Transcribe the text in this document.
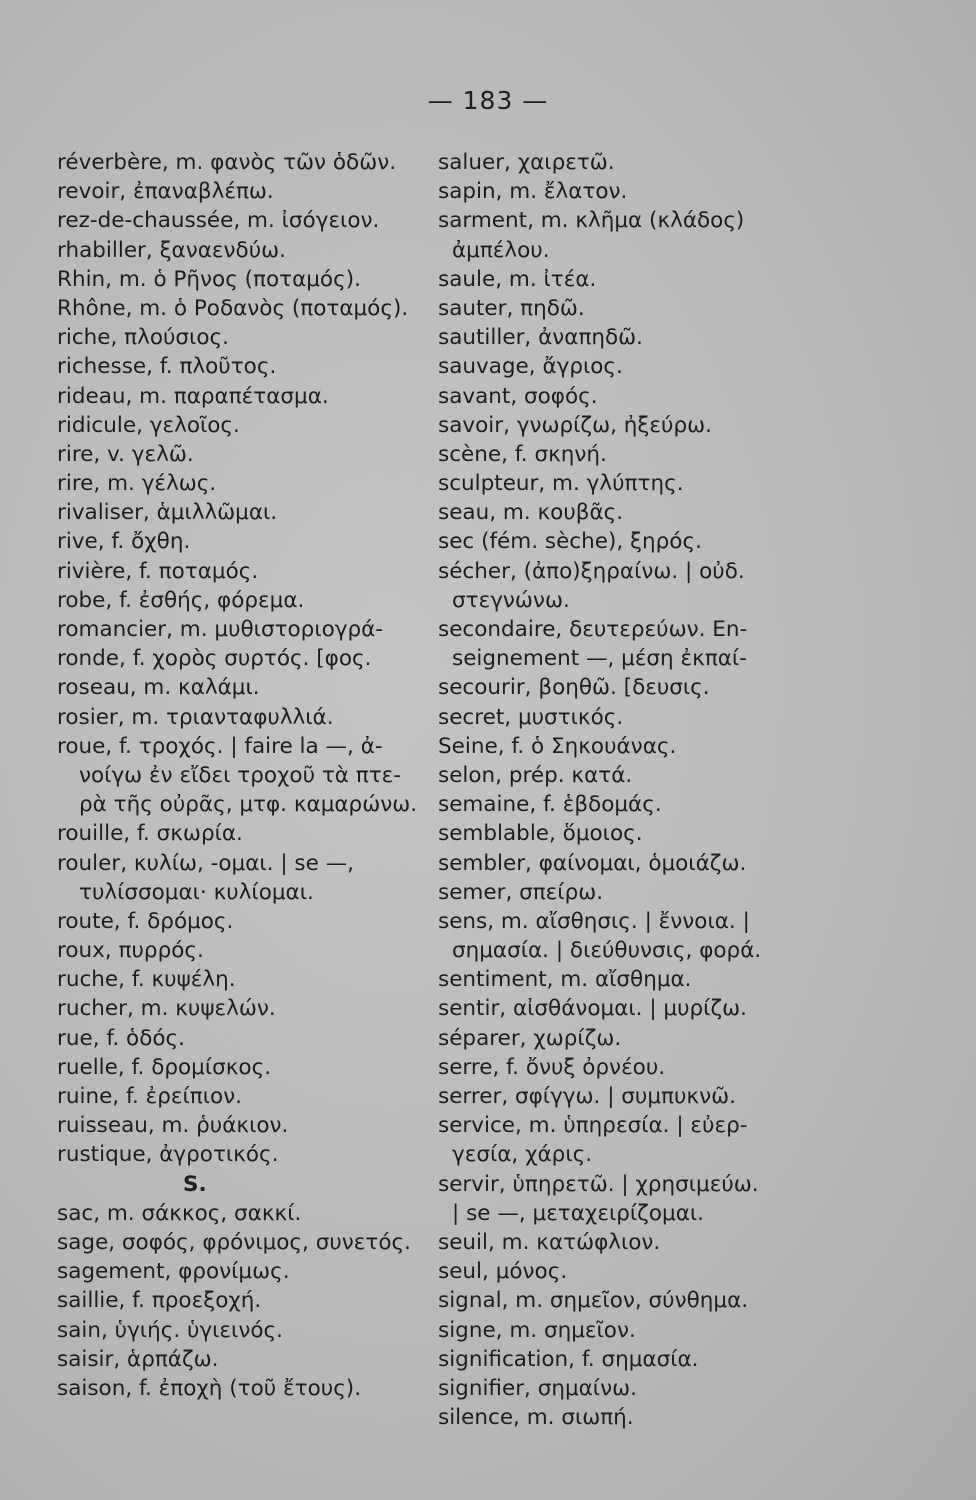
— 183 —
réverbère, m. φανὸς τῶν ὁδῶν.
revoir, ἐπαναβλέπω.
rez-de-chaussée, m. ἰσόγειον.
rhabiller, ξαναενδύω.
Rhin, m. ὁ Ρῆνος (ποταμός).
Rhône, m. ὁ Ροδανὸς (ποταμός).
riche, πλούσιος.
richesse, f. πλοῦτος.
rideau, m. παραπέτασμα.
ridicule, γελοῖος.
rire, v. γελῶ.
rire, m. γέλως.
rivaliser, ἁμιλλῶμαι.
rive, f. ὄχθη.
rivière, f. ποταμός.
robe, f. ἐσθής, φόρεμα.
romancier, m. μυθιστοριογρά-
ronde, f. χορὸς συρτός. [φος.
roseau, m. καλάμι.
rosier, m. τριανταφυλλιά.
roue, f. τροχός. | faire la —, ἀ-
νοίγω ἐν εἴδει τροχοῦ τὰ πτε-
ρὰ τῆς οὐρᾶς, μτφ. καμαρώνω.
rouille, f. σκωρία.
rouler, κυλίω, -ομαι. | se —,
τυλίσσομαι· κυλίομαι.
route, f. δρόμος.
roux, πυρρός.
ruche, f. κυψέλη.
rucher, m. κυψελών.
rue, f. ὁδός.
ruelle, f. δρομίσκος.
ruine, f. ἐρείπιον.
ruisseau, m. ῥυάκιον.
rustique, ἀγροτικός.
S.
sac, m. σάκκος, σακκί.
sage, σοφός, φρόνιμος, συνετός.
sagement, φρονίμως.
saillie, f. προεξοχή.
sain, ὑγιής. ὑγιεινός.
saisir, ἁρπάζω.
saison, f. ἐποχὴ (τοῦ ἔτους).
saluer, χαιρετῶ.
sapin, m. ἔλατον.
sarment, m. κλῆμα (κλάδος)
ἀμπέλου.
saule, m. ἰτέα.
sauter, πηδῶ.
sautiller, ἀναπηδῶ.
sauvage, ἄγριος.
savant, σοφός.
savoir, γνωρίζω, ἠξεύρω.
scène, f. σκηνή.
sculpteur, m. γλύπτης.
seau, m. κουβᾶς.
sec (fém. sèche), ξηρός.
sécher, (ἀπο)ξηραίνω. | οὐδ.
στεγνώνω.
secondaire, δευτερεύων. En-
seignement —, μέση ἐκπαί-
secourir, βοηθῶ. [δευσις.
secret, μυστικός.
Seine, f. ὁ Σηκουάνας.
selon, prép. κατά.
semaine, f. ἑβδομάς.
semblable, ὅμοιος.
sembler, φαίνομαι, ὁμοιάζω.
semer, σπείρω.
sens, m. αἴσθησις. | ἔννοια. |
σημασία. | διεύθυνσις, φορά.
sentiment, m. αἴσθημα.
sentir, αἰσθάνομαι. | μυρίζω.
séparer, χωρίζω.
serre, f. ὄνυξ ὀρνέου.
serrer, σφίγγω. | συμπυκνῶ.
service, m. ὑπηρεσία. | εὐερ-
γεσία, χάρις.
servir, ὑπηρετῶ. | χρησιμεύω.
| se —, μεταχειρίζομαι.
seuil, m. κατώφλιον.
seul, μόνος.
signal, m. σημεῖον, σύνθημα.
signe, m. σημεῖον.
signification, f. σημασία.
signifier, σημαίνω.
silence, m. σιωπή.
